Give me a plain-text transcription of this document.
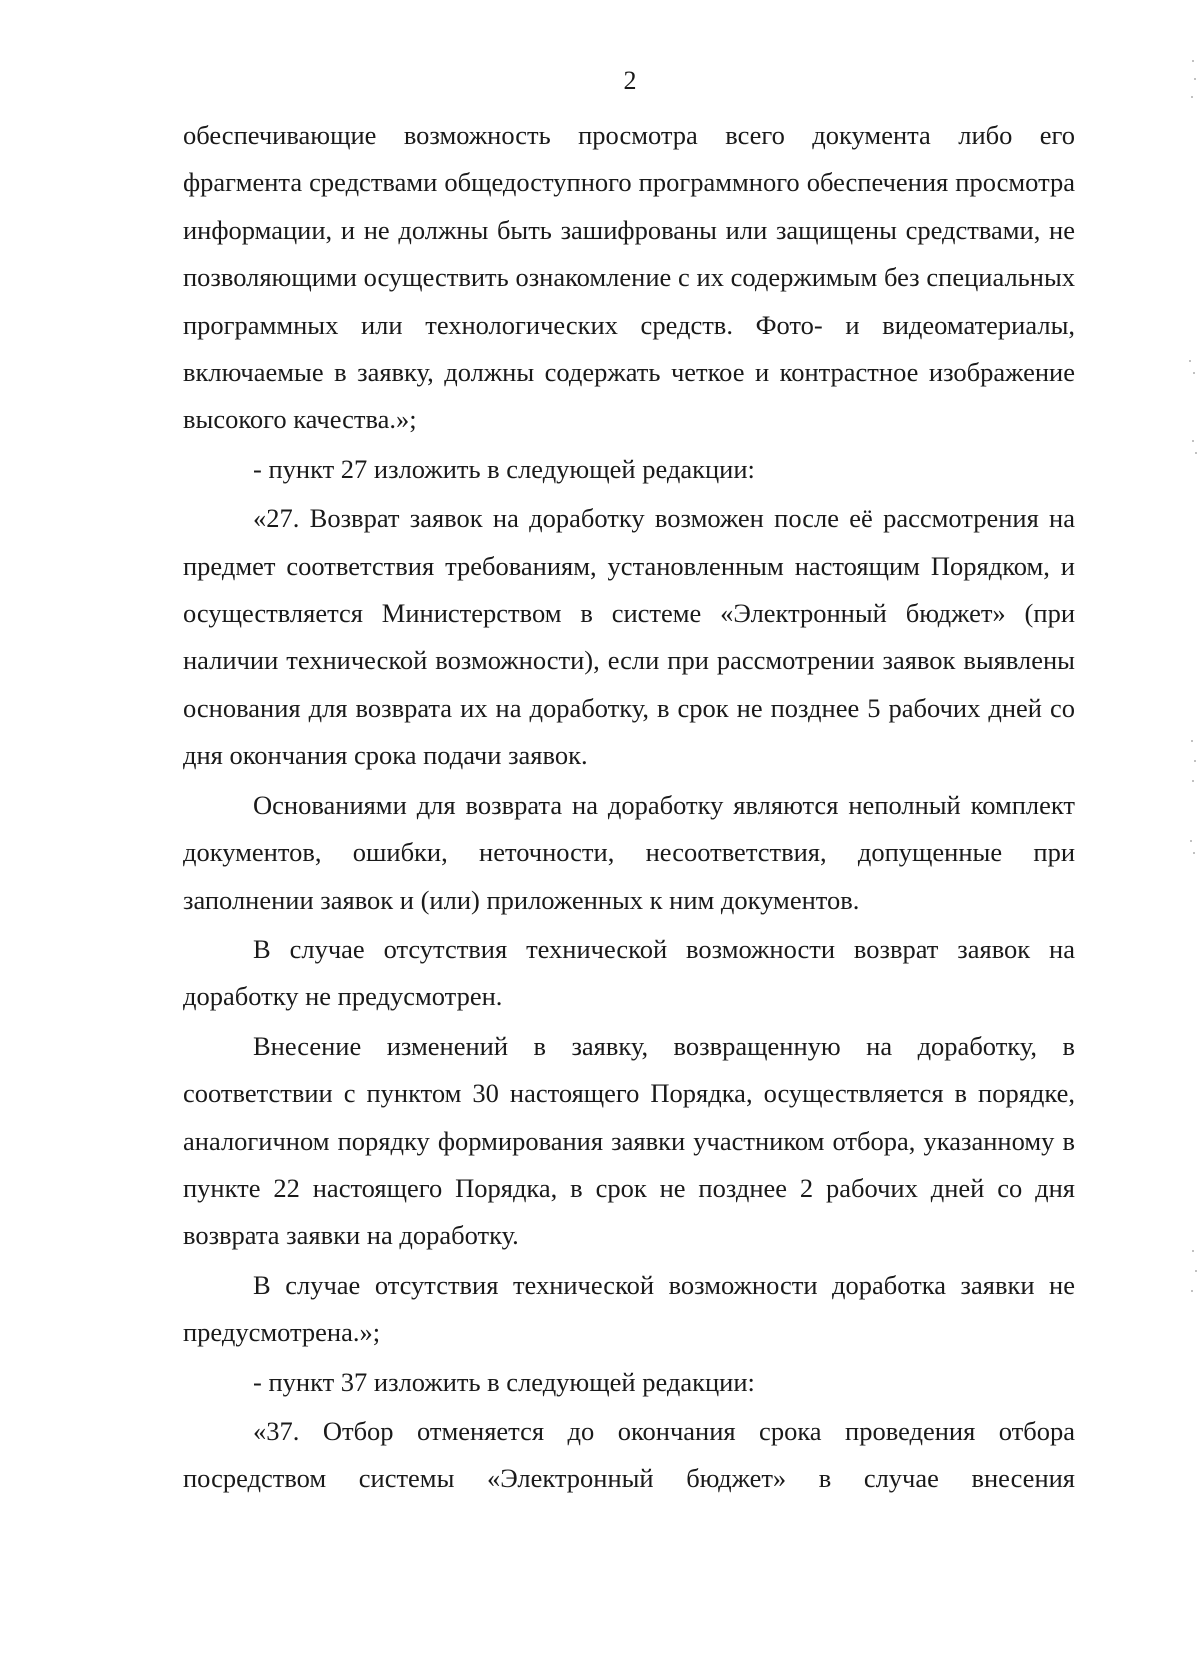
2

обеспечивающие возможность просмотра всего документа либо его фрагмента средствами общедоступного программного обеспечения просмотра информации, и не должны быть зашифрованы или защищены средствами, не позволяющими осуществить ознакомление с их содержимым без специальных программных или технологических средств. Фото- и видеоматериалы, включаемые в заявку, должны содержать четкое и контрастное изображение высокого качества.»;

- пункт 27 изложить в следующей редакции:

«27. Возврат заявок на доработку возможен после её рассмотрения на предмет соответствия требованиям, установленным настоящим Порядком, и осуществляется Министерством в системе «Электронный бюджет» (при наличии технической возможности), если при рассмотрении заявок выявлены основания для возврата их на доработку, в срок не позднее 5 рабочих дней со дня окончания срока подачи заявок.

Основаниями для возврата на доработку являются неполный комплект документов, ошибки, неточности, несоответствия, допущенные при заполнении заявок и (или) приложенных к ним документов.

В случае отсутствия технической возможности возврат заявок на доработку не предусмотрен.

Внесение изменений в заявку, возвращенную на доработку, в соответствии с пунктом 30 настоящего Порядка, осуществляется в порядке, аналогичном порядку формирования заявки участником отбора, указанному в пункте 22 настоящего Порядка, в срок не позднее 2 рабочих дней со дня возврата заявки на доработку.

В случае отсутствия технической возможности доработка заявки не предусмотрена.»;

- пункт 37 изложить в следующей редакции:

«37. Отбор отменяется до окончания срока проведения отбора посредством системы «Электронный бюджет» в случае внесения
